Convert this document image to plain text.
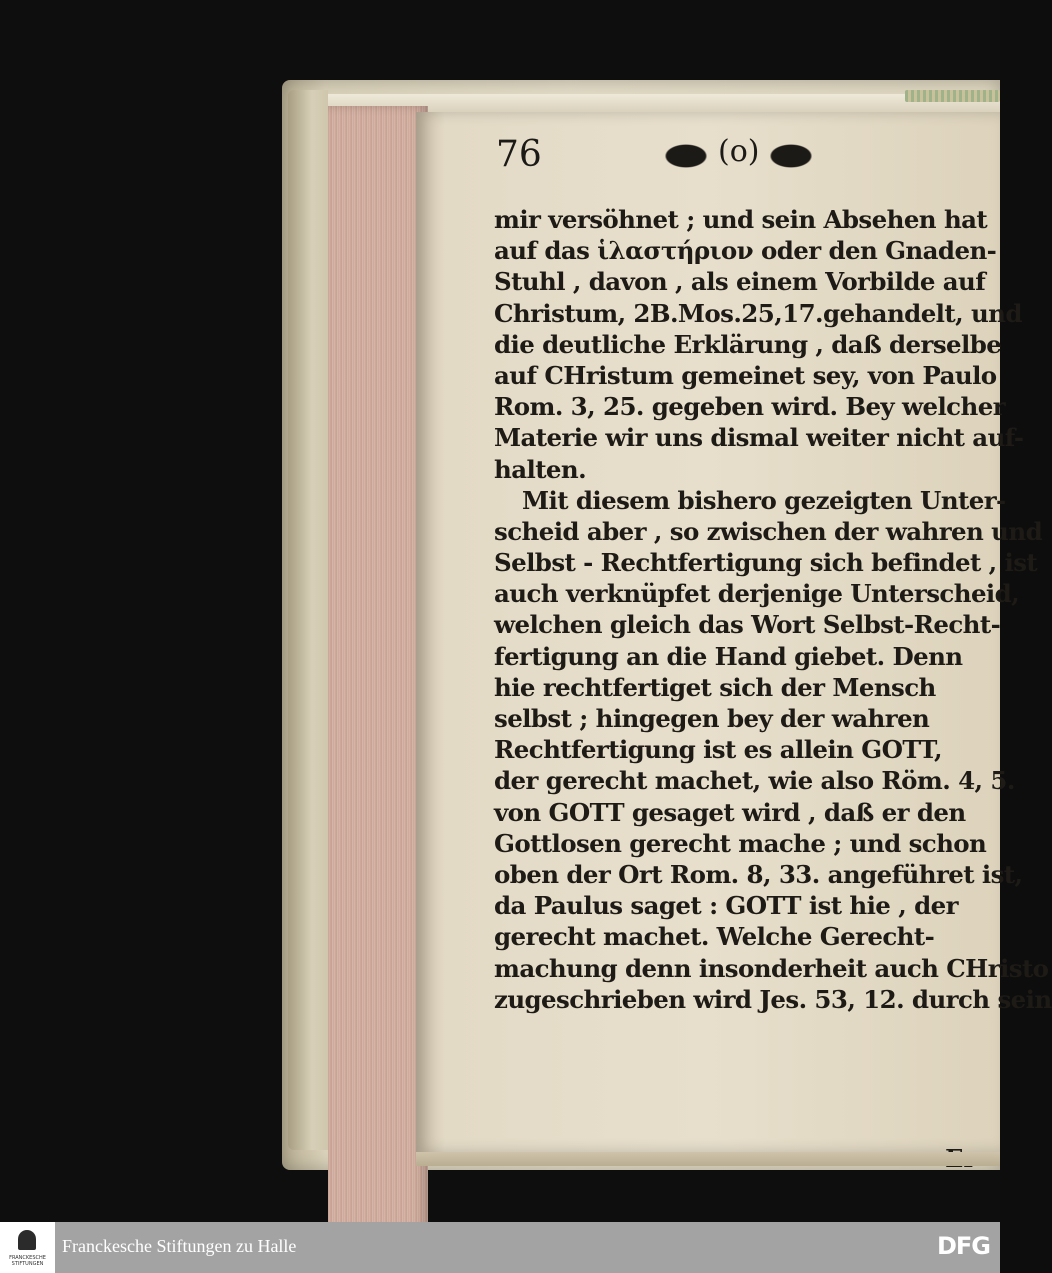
76	(o)
mir versöhnet ; und sein Absehen hat
auf das ἱλαστήριον oder den Gnaden-
Stuhl , davon , als einem Vorbilde auf
Christum, 2B.Mos.25,17.gehandelt, und
die deutliche Erklärung , daß derselbe
auf CHristum gemeinet sey, von Paulo
Rom. 3, 25. gegeben wird. Bey welcher
Materie wir uns dismal weiter nicht auf-
halten.
Mit diesem bishero gezeigten Unter-
scheid aber , so zwischen der wahren und
Selbst - Rechtfertigung sich befindet , ist
auch verknüpfet derjenige Unterscheid,
welchen gleich das Wort Selbst-Recht-
fertigung an die Hand giebet. Denn
hie rechtfertiget sich der Mensch
selbst ; hingegen bey der wahren
Rechtfertigung ist es allein GOTT,
der gerecht machet, wie also Röm. 4, 5.
von GOTT gesaget wird , daß er den
Gottlosen gerecht mache ; und schon
oben der Ort Rom. 8, 33. angeführet ist,
da Paulus saget : GOTT ist hie , der
gerecht machet. Welche Gerecht-
machung denn insonderheit auch CHristo
zugeschrieben wird Jes. 53, 12. durch sein
FRANCKESCHE STIFTUNGEN
Franckesche Stiftungen zu Halle	DFG
